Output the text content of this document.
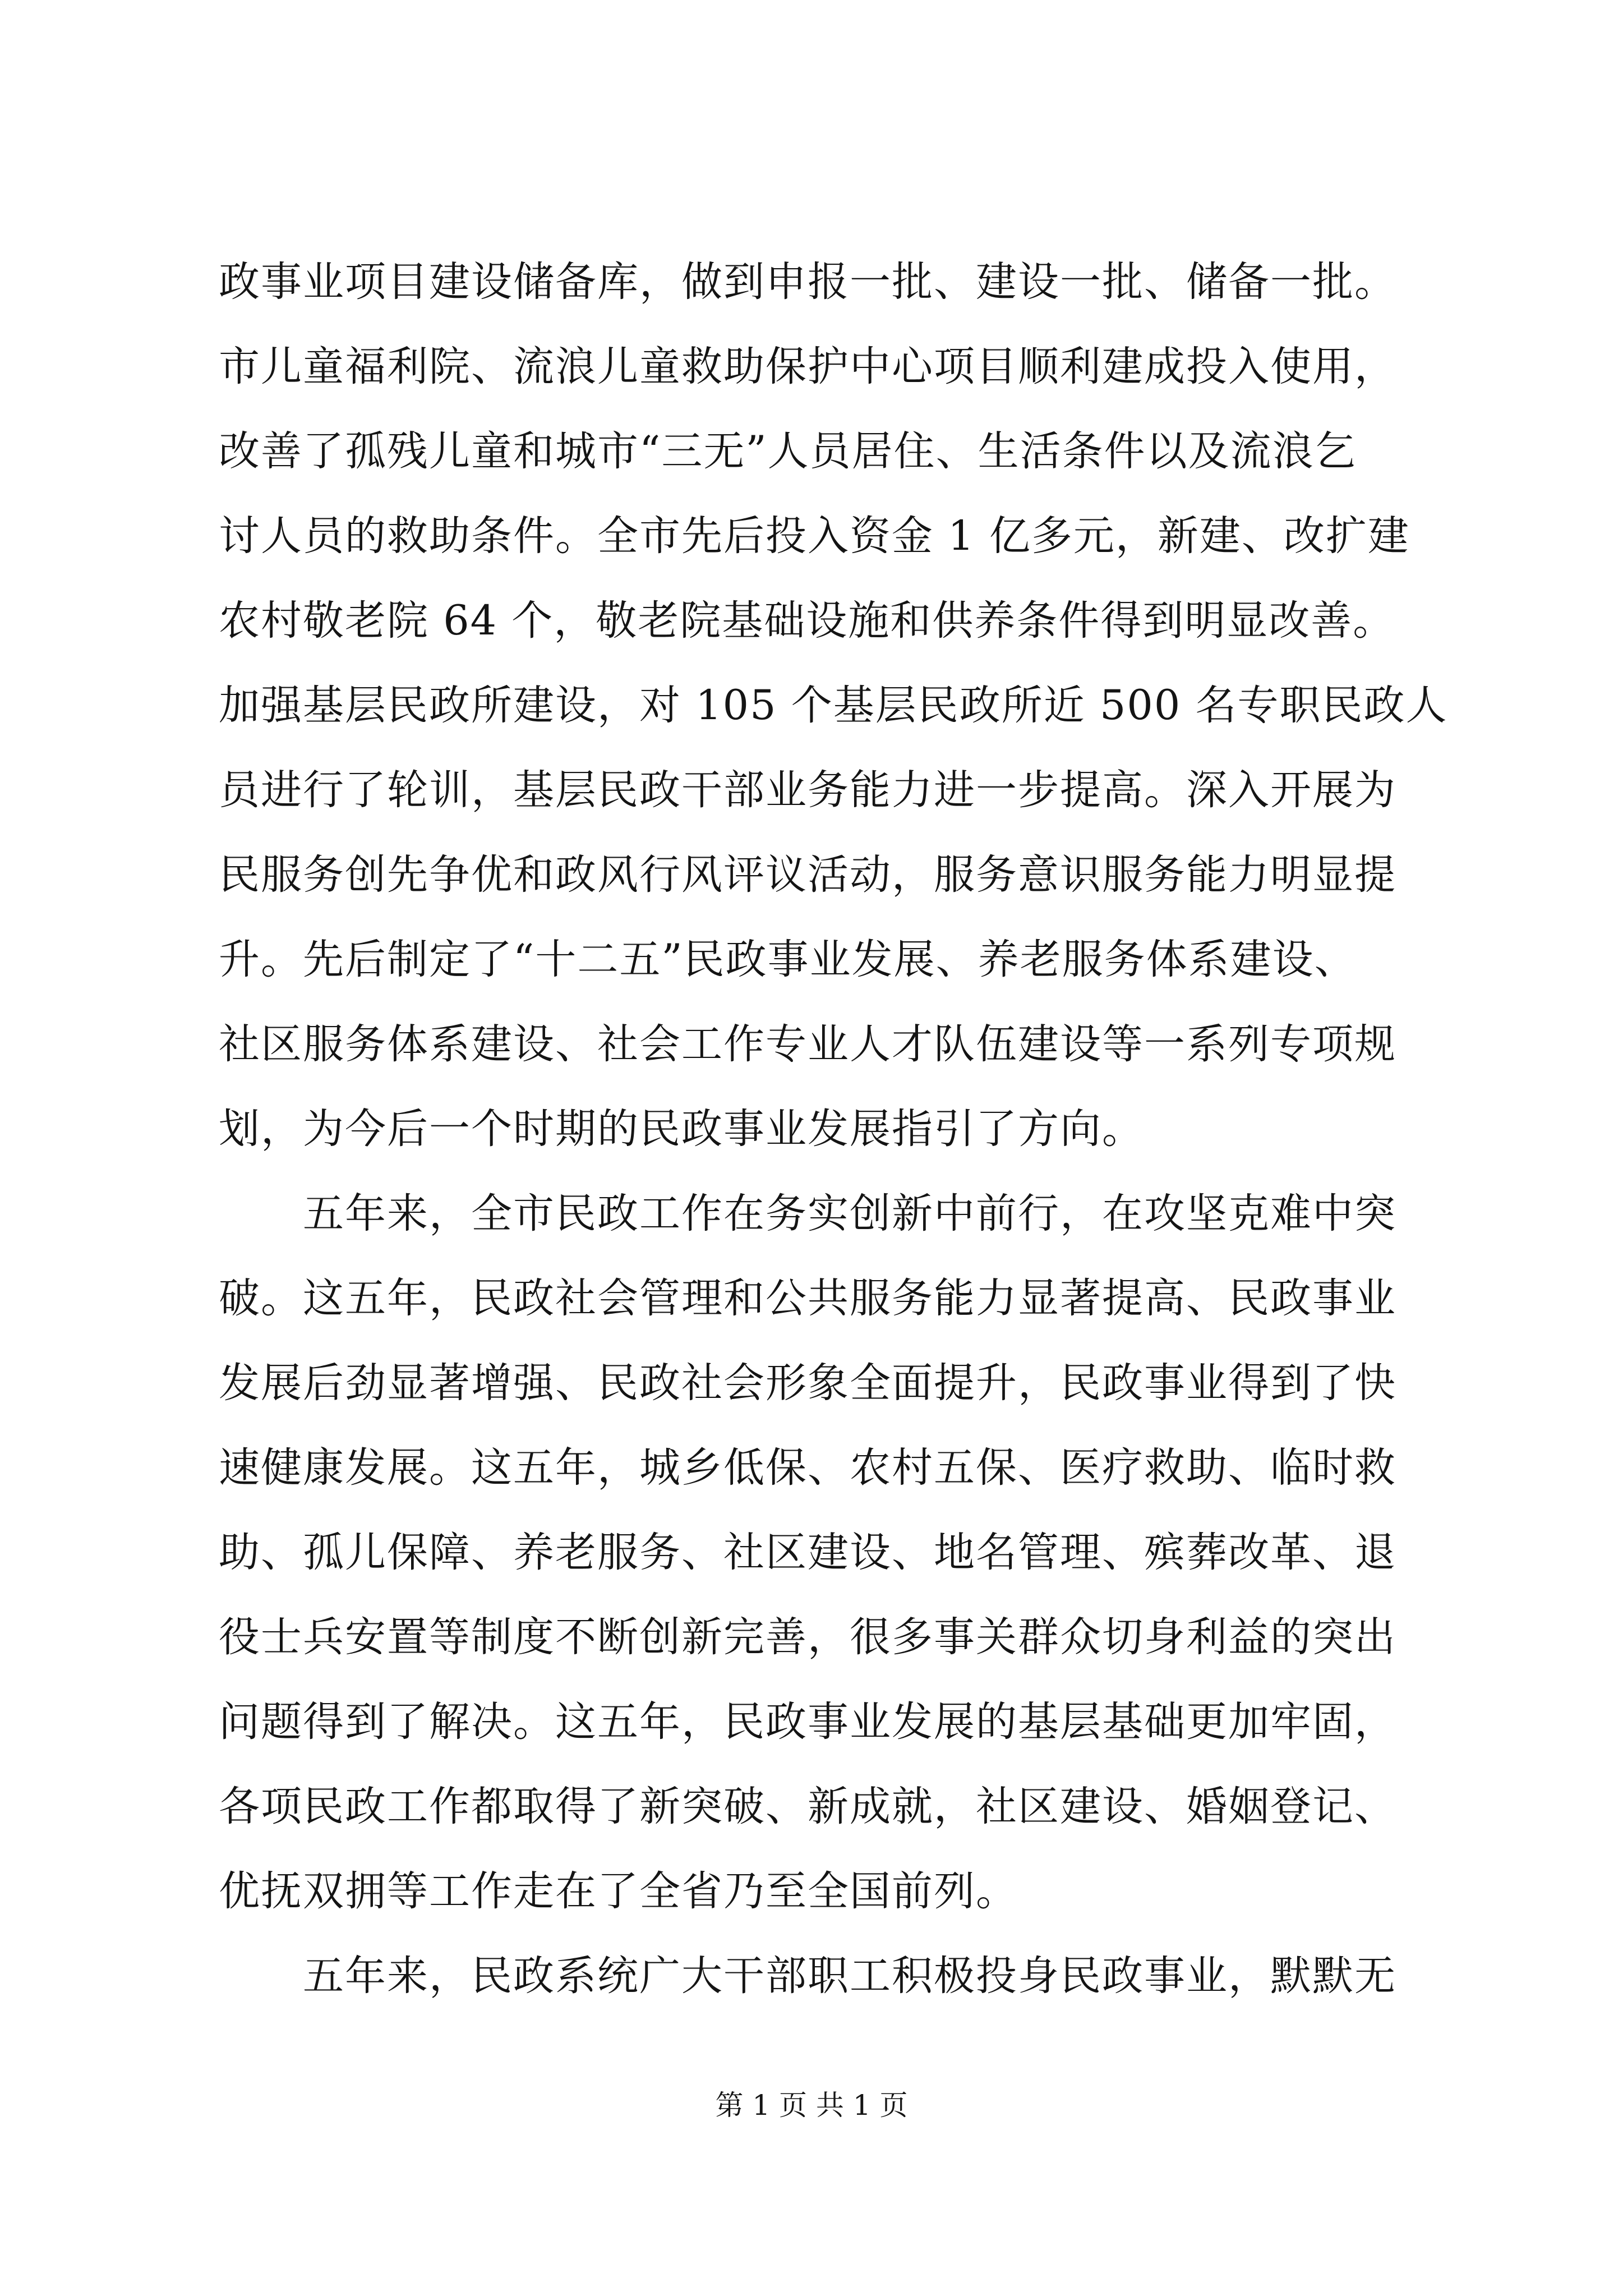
政事业项目建设储备库，做到申报一批、建设一批、储备一批。
市儿童福利院、流浪儿童救助保护中心项目顺利建成投入使用，
改善了孤残儿童和城市“三无”人员居住、生活条件以及流浪乞
讨人员的救助条件。全市先后投入资金 1 亿多元，新建、改扩建
农村敬老院 64 个，敬老院基础设施和供养条件得到明显改善。
加强基层民政所建设，对 105 个基层民政所近 500 名专职民政人
员进行了轮训，基层民政干部业务能力进一步提高。深入开展为
民服务创先争优和政风行风评议活动，服务意识服务能力明显提
升。先后制定了“十二五”民政事业发展、养老服务体系建设、
社区服务体系建设、社会工作专业人才队伍建设等一系列专项规
划，为今后一个时期的民政事业发展指引了方向。
五年来，全市民政工作在务实创新中前行，在攻坚克难中突
破。这五年，民政社会管理和公共服务能力显著提高、民政事业
发展后劲显著增强、民政社会形象全面提升，民政事业得到了快
速健康发展。这五年，城乡低保、农村五保、医疗救助、临时救
助、孤儿保障、养老服务、社区建设、地名管理、殡葬改革、退
役士兵安置等制度不断创新完善，很多事关群众切身利益的突出
问题得到了解决。这五年，民政事业发展的基层基础更加牢固，
各项民政工作都取得了新突破、新成就，社区建设、婚姻登记、
优抚双拥等工作走在了全省乃至全国前列。
五年来，民政系统广大干部职工积极投身民政事业，默默无
第 1 页 共 1 页
